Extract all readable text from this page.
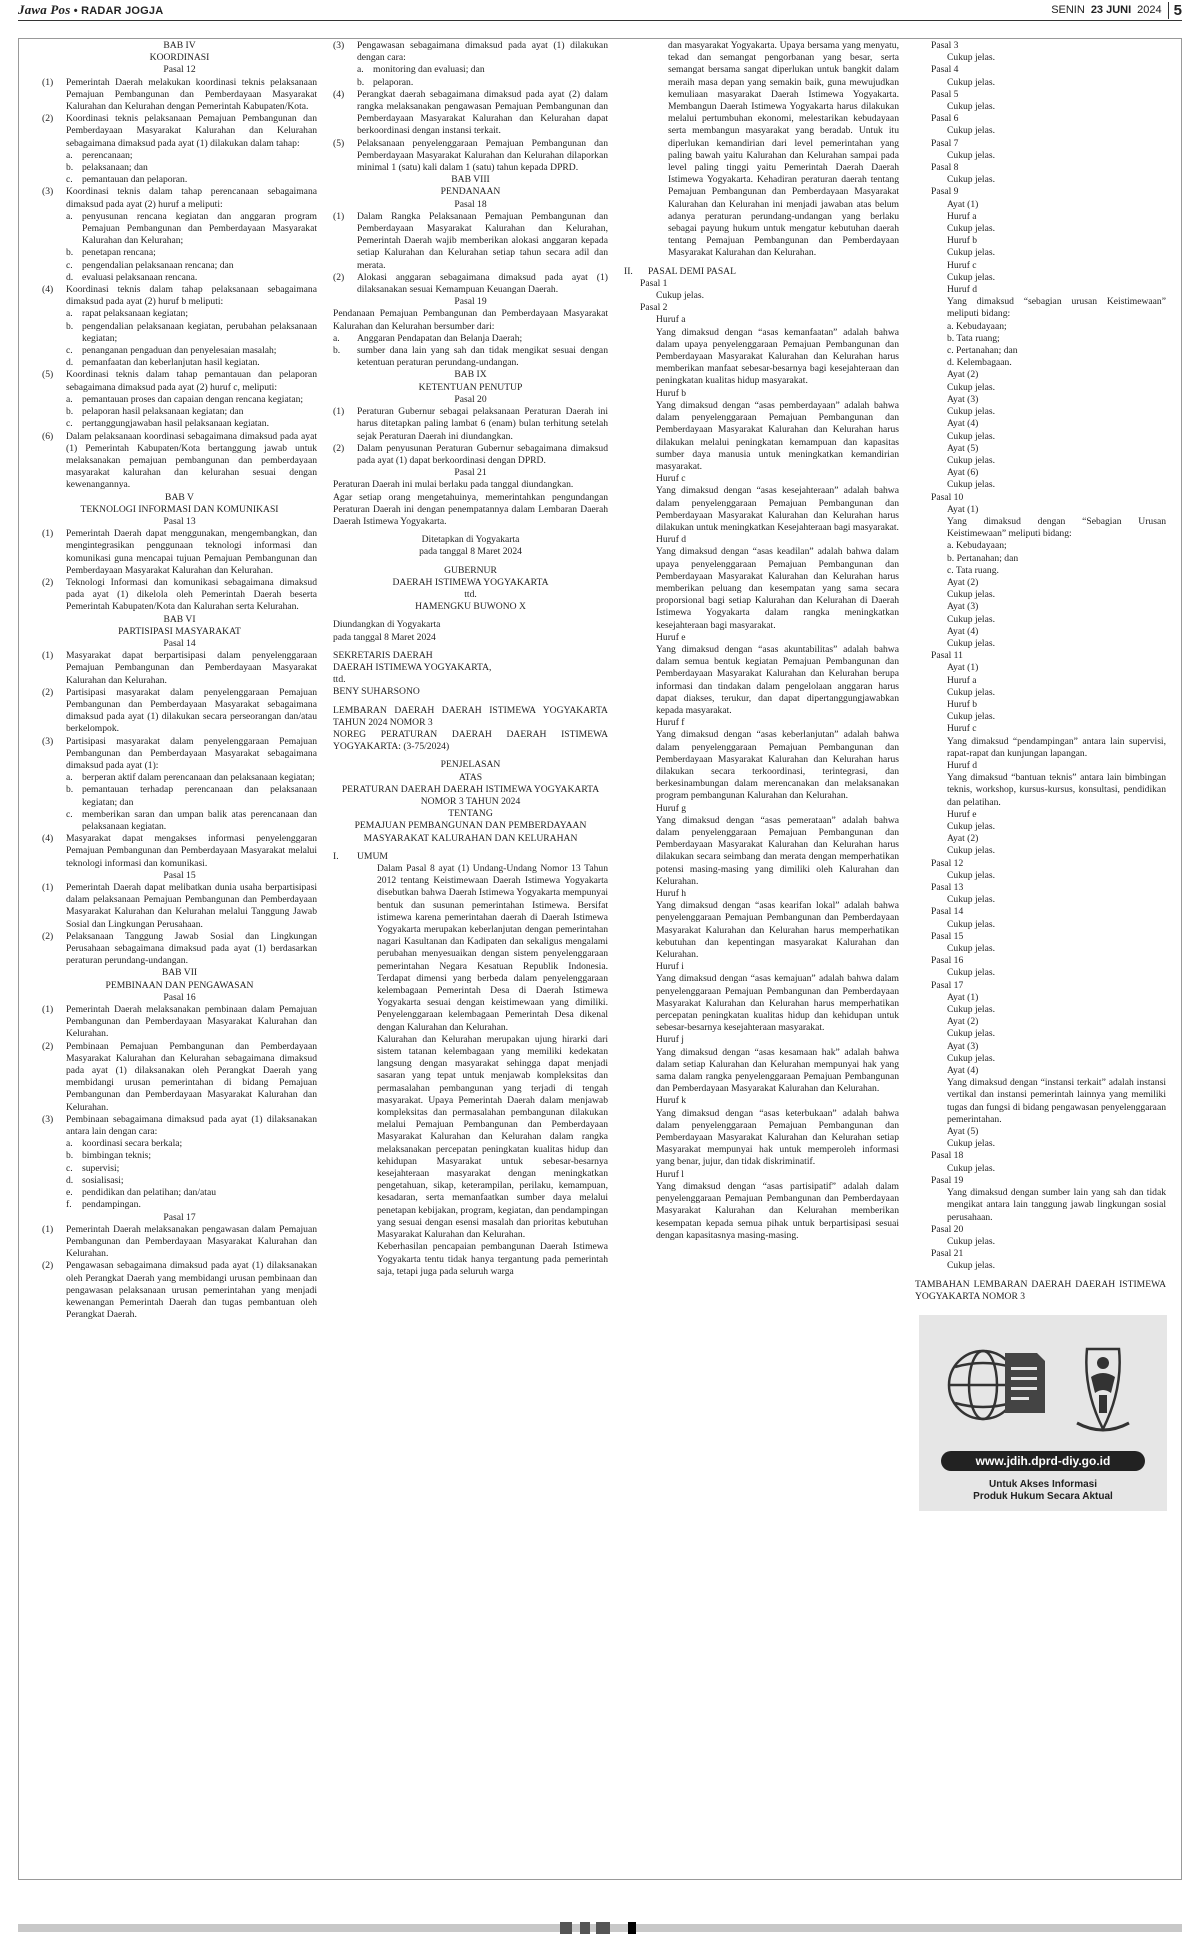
Jawa Pos • RADAR JOGJA	SENIN 23 JUNI 2024 5
BAB IV
KOORDINASI
Pasal 12
(1)	Pemerintah Daerah melakukan koordinasi teknis pelaksanaan Pemajuan Pembangunan dan Pemberdayaan Masyarakat Kalurahan dan Kelurahan dengan Pemerintah Kabupaten/Kota.
(2)	Koordinasi teknis pelaksanaan Pemajuan Pembangunan dan Pemberdayaan Masyarakat Kalurahan dan Kelurahan sebagaimana dimaksud pada ayat (1) dilakukan dalam tahap:
a. perencanaan;
b. pelaksanaan; dan
c. pemantauan dan pelaporan.
(3)	Koordinasi teknis dalam tahap perencanaan sebagaimana dimaksud pada ayat (2) huruf a meliputi:
a. penyusunan rencana kegiatan dan anggaran program Pemajuan Pembangunan dan Pemberdayaan Masyarakat Kalurahan dan Kelurahan;
b. penetapan rencana;
c. pengendalian pelaksanaan rencana; dan
d. evaluasi pelaksanaan rencana.
(4)	Koordinasi teknis dalam tahap pelaksanaan sebagaimana dimaksud pada ayat (2) huruf b meliputi:
a. rapat pelaksanaan kegiatan;
b. pengendalian pelaksanaan kegiatan, perubahan pelaksanaan kegiatan;
c. penanganan pengaduan dan penyelesaian masalah;
d. pemanfaatan dan keberlanjutan hasil kegiatan.
(5)	Koordinasi teknis dalam tahap pemantauan dan pelaporan sebagaimana dimaksud pada ayat (2) huruf c, meliputi:
a. pemantauan proses dan capaian dengan rencana kegiatan;
b. pelaporan hasil pelaksanaan kegiatan; dan
c. pertanggungjawaban hasil pelaksanaan kegiatan.
(6)	Dalam pelaksanaan koordinasi sebagaimana dimaksud pada ayat (1) Pemerintah Kabupaten/Kota bertanggung jawab untuk melaksanakan pemajuan pembangunan dan pemberdayaan masyarakat kalurahan dan kelurahan sesuai dengan kewenangannya.
BAB V
TEKNOLOGI INFORMASI DAN KOMUNIKASI
Pasal 13
(1)	Pemerintah Daerah dapat menggunakan, mengembangkan, dan mengintegrasikan penggunaan teknologi informasi dan komunikasi guna mencapai tujuan Pemajuan Pembangunan dan Pemberdayaan Masyarakat Kalurahan dan Kelurahan.
(2)	Teknologi Informasi dan komunikasi sebagaimana dimaksud pada ayat (1) dikelola oleh Pemerintah Daerah beserta Pemerintah Kabupaten/Kota dan Kalurahan serta Kelurahan.
BAB VI
PARTISIPASI MASYARAKAT
Pasal 14
(1)	Masyarakat dapat berpartisipasi dalam penyelenggaraan Pemajuan Pembangunan dan Pemberdayaan Masyarakat Kalurahan dan Kelurahan.
(2)	Partisipasi masyarakat dalam penyelenggaraan Pemajuan Pembangunan dan Pemberdayaan Masyarakat sebagaimana dimaksud pada ayat (1) dilakukan secara perseorangan dan/atau berkelompok.
(3)	Partisipasi masyarakat dalam penyelenggaraan Pemajuan Pembangunan dan Pemberdayaan Masyarakat sebagaimana dimaksud pada ayat (1):
a. berperan aktif dalam perencanaan dan pelaksanaan kegiatan;
b. pemantauan terhadap perencanaan dan pelaksanaan kegiatan; dan
c. memberikan saran dan umpan balik atas perencanaan dan pelaksanaan kegiatan.
(4)	Masyarakat dapat mengakses informasi penyelenggaran Pemajuan Pembangunan dan Pemberdayaan Masyarakat melalui teknologi informasi dan komunikasi.
Pasal 15
(1)	Pemerintah Daerah dapat melibatkan dunia usaha berpartisipasi dalam pelaksanaan Pemajuan Pembangunan dan Pemberdayaan Masyarakat Kalurahan dan Kelurahan melalui Tanggung Jawab Sosial dan Lingkungan Perusahaan.
(2)	Pelaksanaan Tanggung Jawab Sosial dan Lingkungan Perusahaan sebagaimana dimaksud pada ayat (1) berdasarkan peraturan perundang-undangan.
BAB VII
PEMBINAAN DAN PENGAWASAN
Pasal 16
(1)	Pemerintah Daerah melaksanakan pembinaan dalam Pemajuan Pembangunan dan Pemberdayaan Masyarakat Kalurahan dan Kelurahan.
(2)	Pembinaan Pemajuan Pembangunan dan Pemberdayaan Masyarakat Kalurahan dan Kelurahan sebagaimana dimaksud pada ayat (1) dilaksanakan oleh Perangkat Daerah yang membidangi urusan pemerintahan di bidang Pemajuan Pembangunan dan Pemberdayaan Masyarakat Kalurahan dan Kelurahan.
(3)	Pembinaan sebagaimana dimaksud pada ayat (1) dilaksanakan antara lain dengan cara:
a. koordinasi secara berkala;
b. bimbingan teknis;
c. supervisi;
d. sosialisasi;
e. pendidikan dan pelatihan; dan/atau
f.	pendampingan.
Pasal 17
(1)	Pemerintah Daerah melaksanakan pengawasan dalam Pemajuan Pembangunan dan Pemberdayaan Masyarakat Kalurahan dan Kelurahan.
(2)	Pengawasan sebagaimana dimaksud pada ayat (1) dilaksanakan oleh Perangkat Daerah yang membidangi urusan pembinaan dan pengawasan pelaksanaan urusan pemerintahan yang menjadi kewenangan Pemerintah Daerah dan tugas pembantuan oleh Perangkat Daerah.
(3)	Pengawasan sebagaimana dimaksud pada ayat (1) dilakukan dengan cara:
a. monitoring dan evaluasi; dan
b. pelaporan.
(4)	Perangkat daerah sebagaimana dimaksud pada ayat (2) dalam rangka melaksanakan pengawasan Pemajuan Pembangunan dan Pemberdayaan Masyarakat Kalurahan dan Kelurahan dapat berkoordinasi dengan instansi terkait.
(5)	Pelaksanaan penyelenggaraan Pemajuan Pembangunan dan Pemberdayaan Masyarakat Kalurahan dan Kelurahan dilaporkan minimal 1 (satu) kali dalam 1 (satu) tahun kepada DPRD.
BAB VIII
PENDANAAN
Pasal 18
(1)	Dalam Rangka Pelaksanaan Pemajuan Pembangunan dan Pemberdayaan Masyarakat Kalurahan dan Kelurahan, Pemerintah Daerah wajib memberikan alokasi anggaran kepada setiap Kalurahan dan Kelurahan setiap tahun secara adil dan merata.
(2)	Alokasi anggaran sebagaimana dimaksud pada ayat (1) dilaksanakan sesuai Kemampuan Keuangan Daerah.
Pasal 19
Pendanaan Pemajuan Pembangunan dan Pemberdayaan Masyarakat Kalurahan dan Kelurahan bersumber dari:
a.	Anggaran Pendapatan dan Belanja Daerah;
b.	sumber dana lain yang sah dan tidak mengikat sesuai dengan ketentuan peraturan perundang-undangan.
BAB IX
KETENTUAN PENUTUP
Pasal 20
(1)	Peraturan Gubernur sebagai pelaksanaan Peraturan Daerah ini harus ditetapkan paling lambat 6 (enam) bulan terhitung setelah sejak Peraturan Daerah ini diundangkan.
(2)	Dalam penyusunan Peraturan Gubernur sebagaimana dimaksud pada ayat (1) dapat berkoordinasi dengan DPRD.
Pasal 21
Peraturan Daerah ini mulai berlaku pada tanggal diundangkan.
Agar setiap orang mengetahuinya, memerintahkan pengundangan Peraturan Daerah ini dengan penempatannya dalam Lembaran Daerah Daerah Istimewa Yogyakarta.
Ditetapkan di Yogyakarta
pada tanggal 8 Maret 2024
GUBERNUR
DAERAH ISTIMEWA YOGYAKARTA
ttd.
HAMENGKU BUWONO X
Diundangkan di Yogyakarta
pada tanggal 8 Maret 2024
SEKRETARIS DAERAH
DAERAH ISTIMEWA YOGYAKARTA,
ttd.
BENY SUHARSONO
LEMBARAN DAERAH DAERAH ISTIMEWA YOGYAKARTA TAHUN 2024 NOMOR 3
NOREG PERATURAN DAERAH DAERAH ISTIMEWA YOGYAKARTA: (3-75/2024)
PENJELASAN
ATAS
PERATURAN DAERAH DAERAH ISTIMEWA YOGYAKARTA
NOMOR 3 TAHUN 2024
TENTANG
PEMAJUAN PEMBANGUNAN DAN PEMBERDAYAAN MASYARAKAT KALURAHAN DAN KELURAHAN
I.	UMUM
Dalam Pasal 8 ayat (1) Undang-Undang Nomor 13 Tahun 2012 tentang Keistimewaan Daerah Istimewa Yogyakarta disebutkan bahwa Daerah Istimewa Yogyakarta mempunyai bentuk dan susunan pemerintahan Istimewa. Bersifat istimewa karena pemerintahan daerah di Daerah Istimewa Yogyakarta merupakan keberlanjutan dengan pemerintahan nagari Kasultanan dan Kadipaten dan sekaligus mengalami perubahan menyesuaikan dengan sistem penyelenggaraan pemerintahan Negara Kesatuan Republik Indonesia. Terdapat dimensi yang berbeda dalam penyelenggaraan kelembagaan Pemerintah Desa di Daerah Istimewa Yogyakarta sesuai dengan keistimewaan yang dimiliki. Penyelenggaraan kelembagaan Pemerintah Desa dikenal dengan Kalurahan dan Kelurahan.
Kalurahan dan Kelurahan merupakan ujung hirarki dari sistem tatanan kelembagaan yang memiliki kedekatan langsung dengan masyarakat sehingga dapat menjadi sasaran yang tepat untuk menjawab kompleksitas dan permasalahan pembangunan yang terjadi di tengah masyarakat. Upaya Pemerintah Daerah dalam menjawab kompleksitas dan permasalahan pembangunan dilakukan melalui Pemajuan Pembangunan dan Pemberdayaan Masyarakat Kalurahan dan Kelurahan dalam rangka melaksanakan percepatan peningkatan kualitas hidup dan kehidupan Masyarakat untuk sebesar-besarnya kesejahteraan masyarakat dengan meningkatkan pengetahuan, sikap, keterampilan, perilaku, kemampuan, kesadaran, serta memanfaatkan sumber daya melalui penetapan kebijakan, program, kegiatan, dan pendampingan yang sesuai dengan esensi masalah dan prioritas kebutuhan Masyarakat Kalurahan dan Kelurahan.
Keberhasilan pencapaian pembangunan Daerah Istimewa Yogyakarta tentu tidak hanya tergantung pada pemerintah saja, tetapi juga pada seluruh warga
dan masyarakat Yogyakarta. Upaya bersama yang menyatu, tekad dan semangat pengorbanan yang besar, serta semangat bersama sangat diperlukan untuk bangkit dalam meraih masa depan yang semakin baik, guna mewujudkan kemuliaan masyarakat Daerah Istimewa Yogyakarta. Membangun Daerah Istimewa Yogyakarta harus dilakukan melalui pertumbuhan ekonomi, melestarikan kebudayaan serta membangun masyarakat yang beradab. Untuk itu diperlukan kemandirian dari level pemerintahan yang paling bawah yaitu Kalurahan dan Kelurahan sampai pada level paling tinggi yaitu Pemerintah Daerah Daerah Istimewa Yogyakarta. Kehadiran peraturan daerah tentang Pemajuan Pembangunan dan Pemberdayaan Masyarakat Kalurahan dan Kelurahan ini menjadi jawaban atas belum adanya peraturan perundang-undangan yang berlaku sebagai payung hukum untuk mengatur kebutuhan daerah tentang Pemajuan Pembangunan dan Pemberdayaan Masyarakat Kalurahan dan Kelurahan.
II.	PASAL DEMI PASAL
Pasal 1
Cukup jelas.
Pasal 2
Huruf a
Yang dimaksud dengan “asas kemanfaatan” adalah bahwa dalam upaya penyelenggaraan Pemajuan Pembangunan dan Pemberdayaan Masyarakat Kalurahan dan Kelurahan harus memberikan manfaat sebesar-besarnya bagi kesejahteraan dan peningkatan kualitas hidup masyarakat.
Huruf b
Yang dimaksud dengan “asas pemberdayaan” adalah bahwa dalam penyelenggaraan Pemajuan Pembangunan dan Pemberdayaan Masyarakat Kalurahan dan Kelurahan harus dilakukan melalui peningkatan kemampuan dan kapasitas sumber daya manusia untuk meningkatkan kemandirian masyarakat.
Huruf c
Yang dimaksud dengan “asas kesejahteraan” adalah bahwa dalam penyelenggaraan Pemajuan Pembangunan dan Pemberdayaan Masyarakat Kalurahan dan Kelurahan harus dilakukan untuk meningkatkan Kesejahteraan bagi masyarakat.
Huruf d
Yang dimaksud dengan “asas keadilan” adalah bahwa dalam upaya penyelenggaraan Pemajuan Pembangunan dan Pemberdayaan Masyarakat Kalurahan dan Kelurahan harus memberikan peluang dan kesempatan yang sama secara proporsional bagi setiap Kalurahan dan Kelurahan di Daerah Istimewa Yogyakarta dalam rangka meningkatkan kesejahteraan bagi masyarakat.
Huruf e
Yang dimaksud dengan “asas akuntabilitas” adalah bahwa dalam semua bentuk kegiatan Pemajuan Pembangunan dan Pemberdayaan Masyarakat Kalurahan dan Kelurahan berupa informasi dan tindakan dalam pengelolaan anggaran harus dapat diakses, terukur, dan dapat dipertanggungjawabkan kepada masyarakat.
Huruf f
Yang dimaksud dengan “asas keberlanjutan” adalah bahwa dalam penyelenggaraan Pemajuan Pembangunan dan Pemberdayaan Masyarakat Kalurahan dan Kelurahan harus dilakukan secara terkoordinasi, terintegrasi, dan berkesinambungan dalam merencanakan dan melaksanakan program pembangunan Kalurahan dan Kelurahan.
Huruf g
Yang dimaksud dengan “asas pemerataan” adalah bahwa dalam penyelenggaraan Pemajuan Pembangunan dan Pemberdayaan Masyarakat Kalurahan dan Kelurahan harus dilakukan secara seimbang dan merata dengan memperhatikan potensi masing-masing yang dimiliki oleh Kalurahan dan Kelurahan.
Huruf h
Yang dimaksud dengan “asas kearifan lokal” adalah bahwa penyelenggaraan Pemajuan Pembangunan dan Pemberdayaan Masyarakat Kalurahan dan Kelurahan harus memperhatikan kebutuhan dan kepentingan masyarakat Kalurahan dan Kelurahan.
Huruf i
Yang dimaksud dengan “asas kemajuan” adalah bahwa dalam penyelenggaraan Pemajuan Pembangunan dan Pemberdayaan Masyarakat Kalurahan dan Kelurahan harus memperhatikan percepatan peningkatan kualitas hidup dan kehidupan untuk sebesar-besarnya kesejahteraan masyarakat.
Huruf j
Yang dimaksud dengan “asas kesamaan hak” adalah bahwa dalam setiap Kalurahan dan Kelurahan mempunyai hak yang sama dalam rangka penyelenggaraan Pemajuan Pembangunan dan Pemberdayaan Masyarakat Kalurahan dan Kelurahan.
Huruf k
Yang dimaksud dengan “asas keterbukaan” adalah bahwa dalam penyelenggaraan Pemajuan Pembangunan dan Pemberdayaan Masyarakat Kalurahan dan Kelurahan setiap Masyarakat mempunyai hak untuk memperoleh informasi yang benar, jujur, dan tidak diskriminatif.
Huruf l
Yang dimaksud dengan “asas partisipatif” adalah dalam penyelenggaraan Pemajuan Pembangunan dan Pemberdayaan Masyarakat Kalurahan dan Kelurahan memberikan kesempatan kepada semua pihak untuk berpartisipasi sesuai dengan kapasitasnya masing-masing.
Pasal 3
Cukup jelas.
Pasal 4
Cukup jelas.
Pasal 5
Cukup jelas.
Pasal 6
Cukup jelas.
Pasal 7
Cukup jelas.
Pasal 8
Cukup jelas.
Pasal 9
Ayat (1)
Huruf a
Cukup jelas.
Huruf b
Cukup jelas.
Huruf c
Cukup jelas.
Huruf d
Yang dimaksud “sebagian urusan Keistimewaan” meliputi bidang:
a. Kebudayaan;
b. Tata ruang;
c. Pertanahan; dan
d. Kelembagaan.
Ayat (2)
Cukup jelas.
Ayat (3)
Cukup jelas.
Ayat (4)
Cukup jelas.
Ayat (5)
Cukup jelas.
Ayat (6)
Cukup jelas.
Pasal 10
Ayat (1)
Yang dimaksud dengan “Sebagian Urusan Keistimewaan” meliputi bidang:
a. Kebudayaan;
b. Pertanahan; dan
c. Tata ruang.
Ayat (2)
Cukup jelas.
Ayat (3)
Cukup jelas.
Ayat (4)
Cukup jelas.
Pasal 11
Ayat (1)
Huruf a
Cukup jelas.
Huruf b
Cukup jelas.
Huruf c
Yang dimaksud “pendampingan” antara lain supervisi, rapat-rapat dan kunjungan lapangan.
Huruf d
Yang dimaksud “bantuan teknis” antara lain bimbingan teknis, workshop, kursus-kursus, konsultasi, pendidikan dan pelatihan.
Huruf e
Cukup jelas.
Ayat (2)
Cukup jelas.
Pasal 12
Cukup jelas.
Pasal 13
Cukup jelas.
Pasal 14
Cukup jelas.
Pasal 15
Cukup jelas.
Pasal 16
Cukup jelas.
Pasal 17
Ayat (1)
Cukup jelas.
Ayat (2)
Cukup jelas.
Ayat (3)
Cukup jelas.
Ayat (4)
Yang dimaksud dengan “instansi terkait” adalah instansi vertikal dan instansi pemerintah lainnya yang memiliki tugas dan fungsi di bidang pengawasan penyelenggaraan pemerintahan.
Ayat (5)
Cukup jelas.
Pasal 18
Cukup jelas.
Pasal 19
Yang dimaksud dengan sumber lain yang sah dan tidak mengikat antara lain tanggung jawab lingkungan sosial perusahaan.
Pasal 20
Cukup jelas.
Pasal 21
Cukup jelas.
TAMBAHAN LEMBARAN DAERAH DAERAH ISTIMEWA YOGYAKARTA NOMOR 3
www.jdih.dprd-diy.go.id
Untuk Akses Informasi
Produk Hukum Secara Aktual
